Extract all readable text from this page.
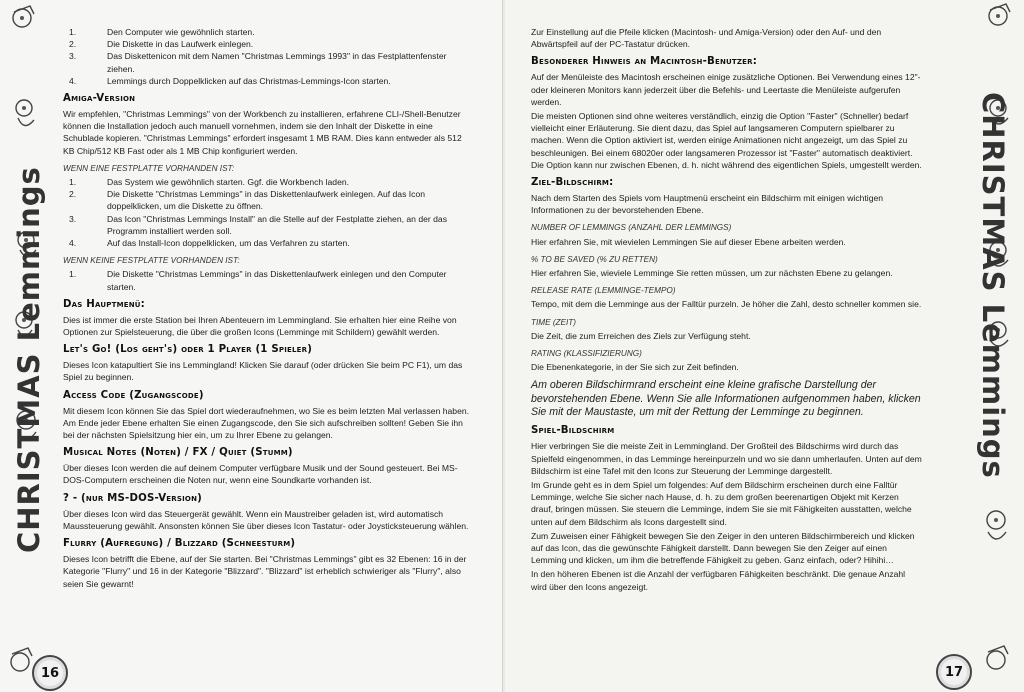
CHRISTMAS Lemmings
1.	Den Computer wie gewöhnlich starten.
2.	Die Diskette in das Laufwerk einlegen.
3.	Das Diskettenicon mit dem Namen "Christmas Lemmings 1993" in das Festplattenfenster ziehen.
4.	Lemmings durch Doppelklicken auf das Christmas-Lemmings-Icon starten.
Amiga-Version

Wir empfehlen, "Christmas Lemmings" von der Workbench zu installieren, erfahrene CLI-/Shell-Benutzer können die Installation jedoch auch manuell vornehmen, indem sie den Inhalt der Diskette in eine Schublade kopieren. "Christmas Lemmings" erfordert insgesamt 1 MB RAM. Dies kann entweder als 512 KB Chip/512 KB Fast oder als 1 MB Chip konfiguriert werden.

WENN EINE FESTPLATTE VORHANDEN IST:
1.	Das System wie gewöhnlich starten. Ggf. die Workbench laden.
2.	Die Diskette "Christmas Lemmings" in das Diskettenlaufwerk einlegen. Auf das Icon doppelklicken, um die Diskette zu öffnen.
3.	Das Icon "Christmas Lemmings Install" an die Stelle auf der Festplatte ziehen, an der das Programm installiert werden soll.
4.	Auf das Install-Icon doppelklicken, um das Verfahren zu starten.
WENN KEINE FESTPLATTE VORHANDEN IST:
1.	Die Diskette "Christmas Lemmings" in das Diskettenlaufwerk einlegen und den Computer starten.
Das Hauptmenü:

Dies ist immer die erste Station bei Ihren Abenteuern im Lemmingland. Sie erhalten hier eine Reihe von Optionen zur Spielsteuerung, die über die großen Icons (Lemminge mit Schildern) gewählt werden.

Let's Go! (Los geht's) oder 1 Player (1 Spieler)

Dieses Icon katapultiert Sie ins Lemmingland! Klicken Sie darauf (oder drücken Sie beim PC F1), um das Spiel zu beginnen.

Access Code (Zugangscode)

Mit diesem Icon können Sie das Spiel dort wiederaufnehmen, wo Sie es beim letzten Mal verlassen haben. Am Ende jeder Ebene erhalten Sie einen Zugangscode, den Sie sich aufschreiben sollten! Geben Sie ihn bei der nächsten Spielsitzung hier ein, um zu Ihrer Ebene zu gelangen.

Musical Notes (Noten) / FX / Quiet (Stumm)

Über dieses Icon werden die auf deinem Computer verfügbare Musik und der Sound gesteuert. Bei MS-DOS-Computern erscheinen die Noten nur, wenn eine Soundkarte vorhanden ist.

? - (nur MS-DOS-Version)

Über dieses Icon wird das Steuergerät gewählt. Wenn ein Maustreiber geladen ist, wird automatisch Maussteuerung gewählt. Ansonsten können Sie über dieses Icon Tastatur- oder Joysticksteuerung wählen.

Flurry (Aufregung) / Blizzard (Schneesturm)

Dieses Icon betrifft die Ebene, auf der Sie starten. Bei "Christmas Lemmings" gibt es 32 Ebenen: 16 in der Kategorie "Flurry" und 16 in der Kategorie "Blizzard". "Blizzard" ist erheblich schwieriger als "Flurry", also seien Sie gewarnt!

16
CHRISTMAS Lemmings

Zur Einstellung auf die Pfeile klicken (Macintosh- und Amiga-Version) oder den Auf- und den Abwärtspfeil auf der PC-Tastatur drücken.

Besonderer Hinweis an Macintosh-Benutzer:

Auf der Menüleiste des Macintosh erscheinen einige zusätzliche Optionen. Bei Verwendung eines 12"- oder kleineren Monitors kann jederzeit über die Befehls- und Leertaste die Menüleiste aufgerufen werden.

Die meisten Optionen sind ohne weiteres verständlich, einzig die Option "Faster" (Schneller) bedarf vielleicht einer Erläuterung. Sie dient dazu, das Spiel auf langsameren Computern spielbarer zu machen. Wenn die Option aktiviert ist, werden einige Animationen nicht angezeigt, um das Spiel zu beschleunigen. Bei einem 68020er oder langsameren Prozessor ist "Faster" automatisch deaktiviert. Die Option kann nur zwischen Ebenen, d. h. nicht während des eigentlichen Spiels, umgestellt werden.

Ziel-Bildschirm:

Nach dem Starten des Spiels vom Hauptmenü erscheint ein Bildschirm mit einigen wichtigen Informationen zu der bevorstehenden Ebene.

NUMBER OF LEMMINGS (ANZAHL DER LEMMINGS)

Hier erfahren Sie, mit wievielen Lemmingen Sie auf dieser Ebene arbeiten werden.

% TO BE SAVED (% ZU RETTEN)

Hier erfahren Sie, wieviele Lemminge Sie retten müssen, um zur nächsten Ebene zu gelangen.

RELEASE RATE (LEMMINGE-TEMPO)

Tempo, mit dem die Lemminge aus der Falltür purzeln. Je höher die Zahl, desto schneller kommen sie.

TIME (ZEIT)

Die Zeit, die zum Erreichen des Ziels zur Verfügung steht.

RATING (KLASSIFIZIERUNG)

Die Ebenenkategorie, in der Sie sich zur Zeit befinden.

Am oberen Bildschirmrand erscheint eine kleine grafische Darstellung der bevorstehenden Ebene. Wenn Sie alle Informationen aufgenommen haben, klicken Sie mit der Maustaste, um mit der Rettung der Lemminge zu beginnen.

Spiel-Bildschirm

Hier verbringen Sie die meiste Zeit in Lemmingland. Der Großteil des Bildschirms wird durch das Spielfeld eingenommen, in das Lemminge hereinpurzeln und wo sie dann umherlaufen. Unten auf dem Bildschirm ist eine Tafel mit den Icons zur Steuerung der Lemminge dargestellt.

Im Grunde geht es in dem Spiel um folgendes: Auf dem Bildschirm erscheinen durch eine Falltür Lemminge, welche Sie sicher nach Hause, d. h. zu dem großen beerenartigen Objekt mit Kerzen drauf, bringen müssen. Sie steuern die Lemminge, indem Sie sie mit Fähigkeiten ausstatten, welche unten auf dem Bildschirm als Icons dargestellt sind.

Zum Zuweisen einer Fähigkeit bewegen Sie den Zeiger in den unteren Bildschirmbereich und klicken auf das Icon, das die gewünschte Fähigkeit darstellt. Dann bewegen Sie den Zeiger auf einen Lemming und klicken, um ihm die betreffende Fähigkeit zu geben. Ganz einfach, oder? Hihihi…

In den höheren Ebenen ist die Anzahl der verfügbaren Fähigkeiten beschränkt. Die genaue Anzahl wird über den Icons angezeigt.

17
